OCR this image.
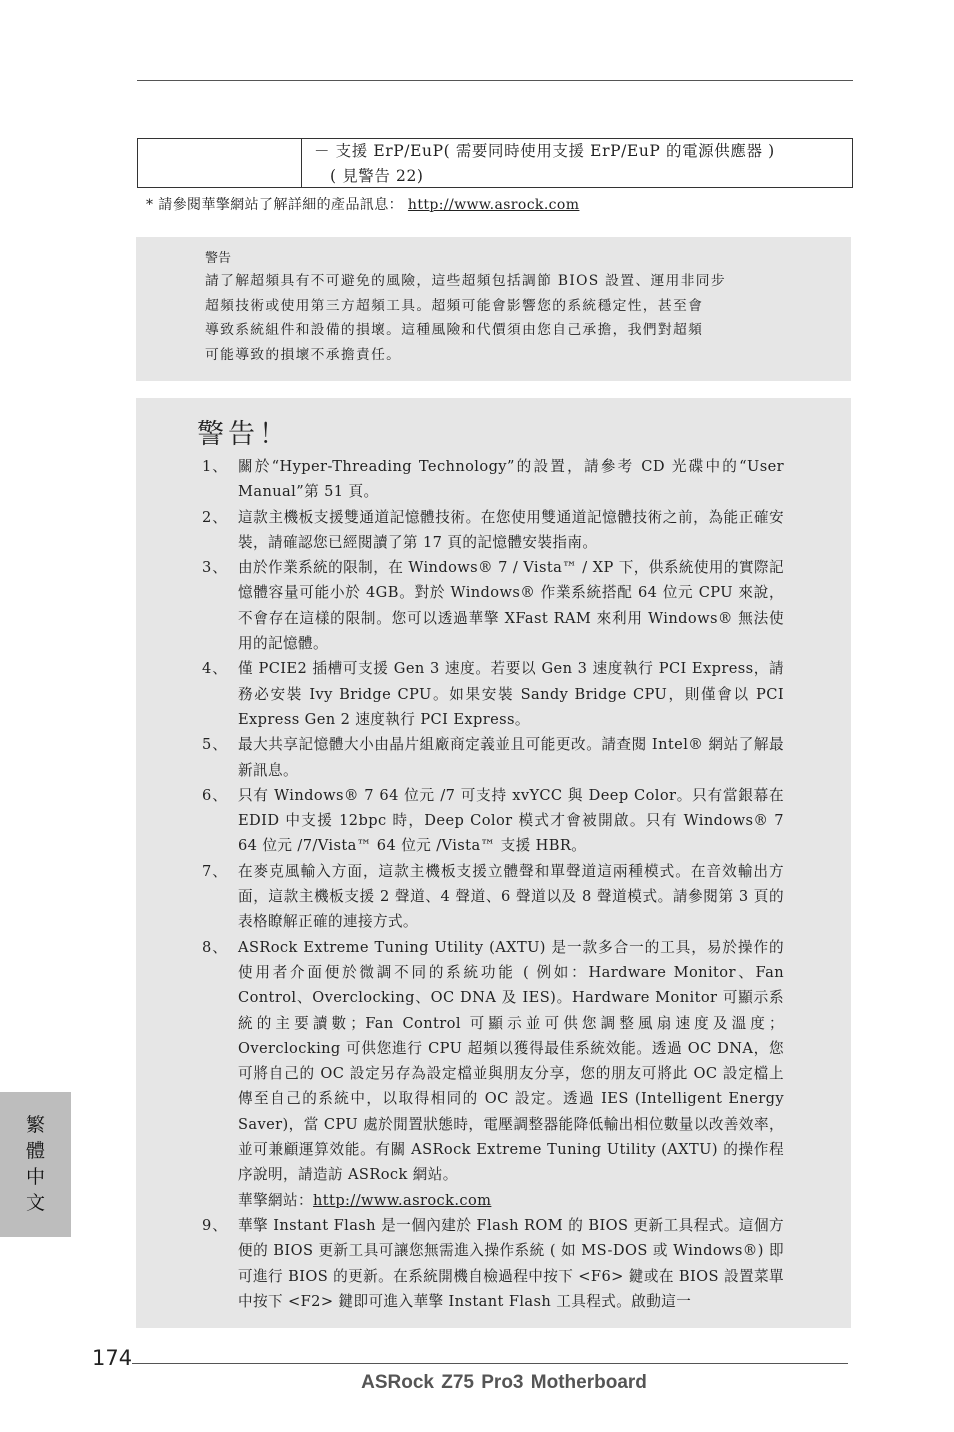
－ 支援 ErP/EuP( 需要同時使用支援 ErP/EuP 的電源供應器 )
( 見警告 22)
* 請參閱華擎網站了解詳細的產品訊息： http://www.asrock.com
警告
請了解超頻具有不可避免的風險，這些超頻包括調節 BIOS 設置、運用非同步
超頻技術或使用第三方超頻工具。超頻可能會影響您的系統穩定性，甚至會
導致系統組件和設備的損壞。這種風險和代價須由您自己承擔，我們對超頻
可能導致的損壞不承擔責任。
警告！
1、 關於“Hyper-Threading Technology”的設置，請參考 CD 光碟中的“User Manual”第 51 頁。
2、 這款主機板支援雙通道記憶體技術。在您使用雙通道記憶體技術之前，為能正確安裝，請確認您已經閱讀了第 17 頁的記憶體安裝指南。
3、 由於作業系統的限制，在 Windows® 7 / Vista™ / XP 下，供系統使用的實際記憶體容量可能小於 4GB。對於 Windows® 作業系統搭配 64 位元 CPU 來說，不會存在這樣的限制。您可以透過華擎 XFast RAM 來利用 Windows® 無法使用的記憶體。
4、 僅 PCIE2 插槽可支援 Gen 3 速度。若要以 Gen 3 速度執行 PCI Express，請務必安裝 Ivy Bridge CPU。如果安裝 Sandy Bridge CPU，則僅會以 PCI Express Gen 2 速度執行 PCI Express。
5、 最大共享記憶體大小由晶片組廠商定義並且可能更改。請查閱 Intel® 網站了解最新訊息。
6、 只有 Windows® 7 64 位元 /7 可支持 xvYCC 與 Deep Color。只有當銀幕在 EDID 中支援 12bpc 時，Deep Color 模式才會被開啟。只有 Windows® 7 64 位元 /7/Vista™ 64 位元 /Vista™ 支援 HBR。
7、 在麥克風輸入方面，這款主機板支援立體聲和單聲道這兩種模式。在音效輸出方面，這款主機板支援 2 聲道、4 聲道、6 聲道以及 8 聲道模式。請參閱第 3 頁的表格瞭解正確的連接方式。
8、 ASRock Extreme Tuning Utility (AXTU) 是一款多合一的工具，易於操作的使用者介面便於微調不同的系統功能 ( 例如：Hardware Monitor、Fan Control、Overclocking、OC DNA 及 IES)。Hardware Monitor 可顯示系統的主要讀數；Fan Control 可顯示並可供您調整風扇速度及溫度；Overclocking 可供您進行 CPU 超頻以獲得最佳系統效能。透過 OC DNA，您可將自己的 OC 設定另存為設定檔並與朋友分享，您的朋友可將此 OC 設定檔上傳至自己的系統中，以取得相同的 OC 設定。透過 IES (Intelligent Energy Saver)，當 CPU 處於閒置狀態時，電壓調整器能降低輸出相位數量以改善效率，並可兼顧運算效能。有關 ASRock Extreme Tuning Utility (AXTU) 的操作程序說明，請造訪 ASRock 網站。
華擎網站：http://www.asrock.com
9、 華擎 Instant Flash 是一個內建於 Flash ROM 的 BIOS 更新工具程式。這個方便的 BIOS 更新工具可讓您無需進入操作系統 ( 如 MS-DOS 或 Windows®) 即可進行 BIOS 的更新。在系統開機自檢過程中按下 <F6> 鍵或在 BIOS 設置菜單中按下 <F2> 鍵即可進入華擎 Instant Flash 工具程式。啟動這一
繁體中文
174
ASRock Z75 Pro3 Motherboard
